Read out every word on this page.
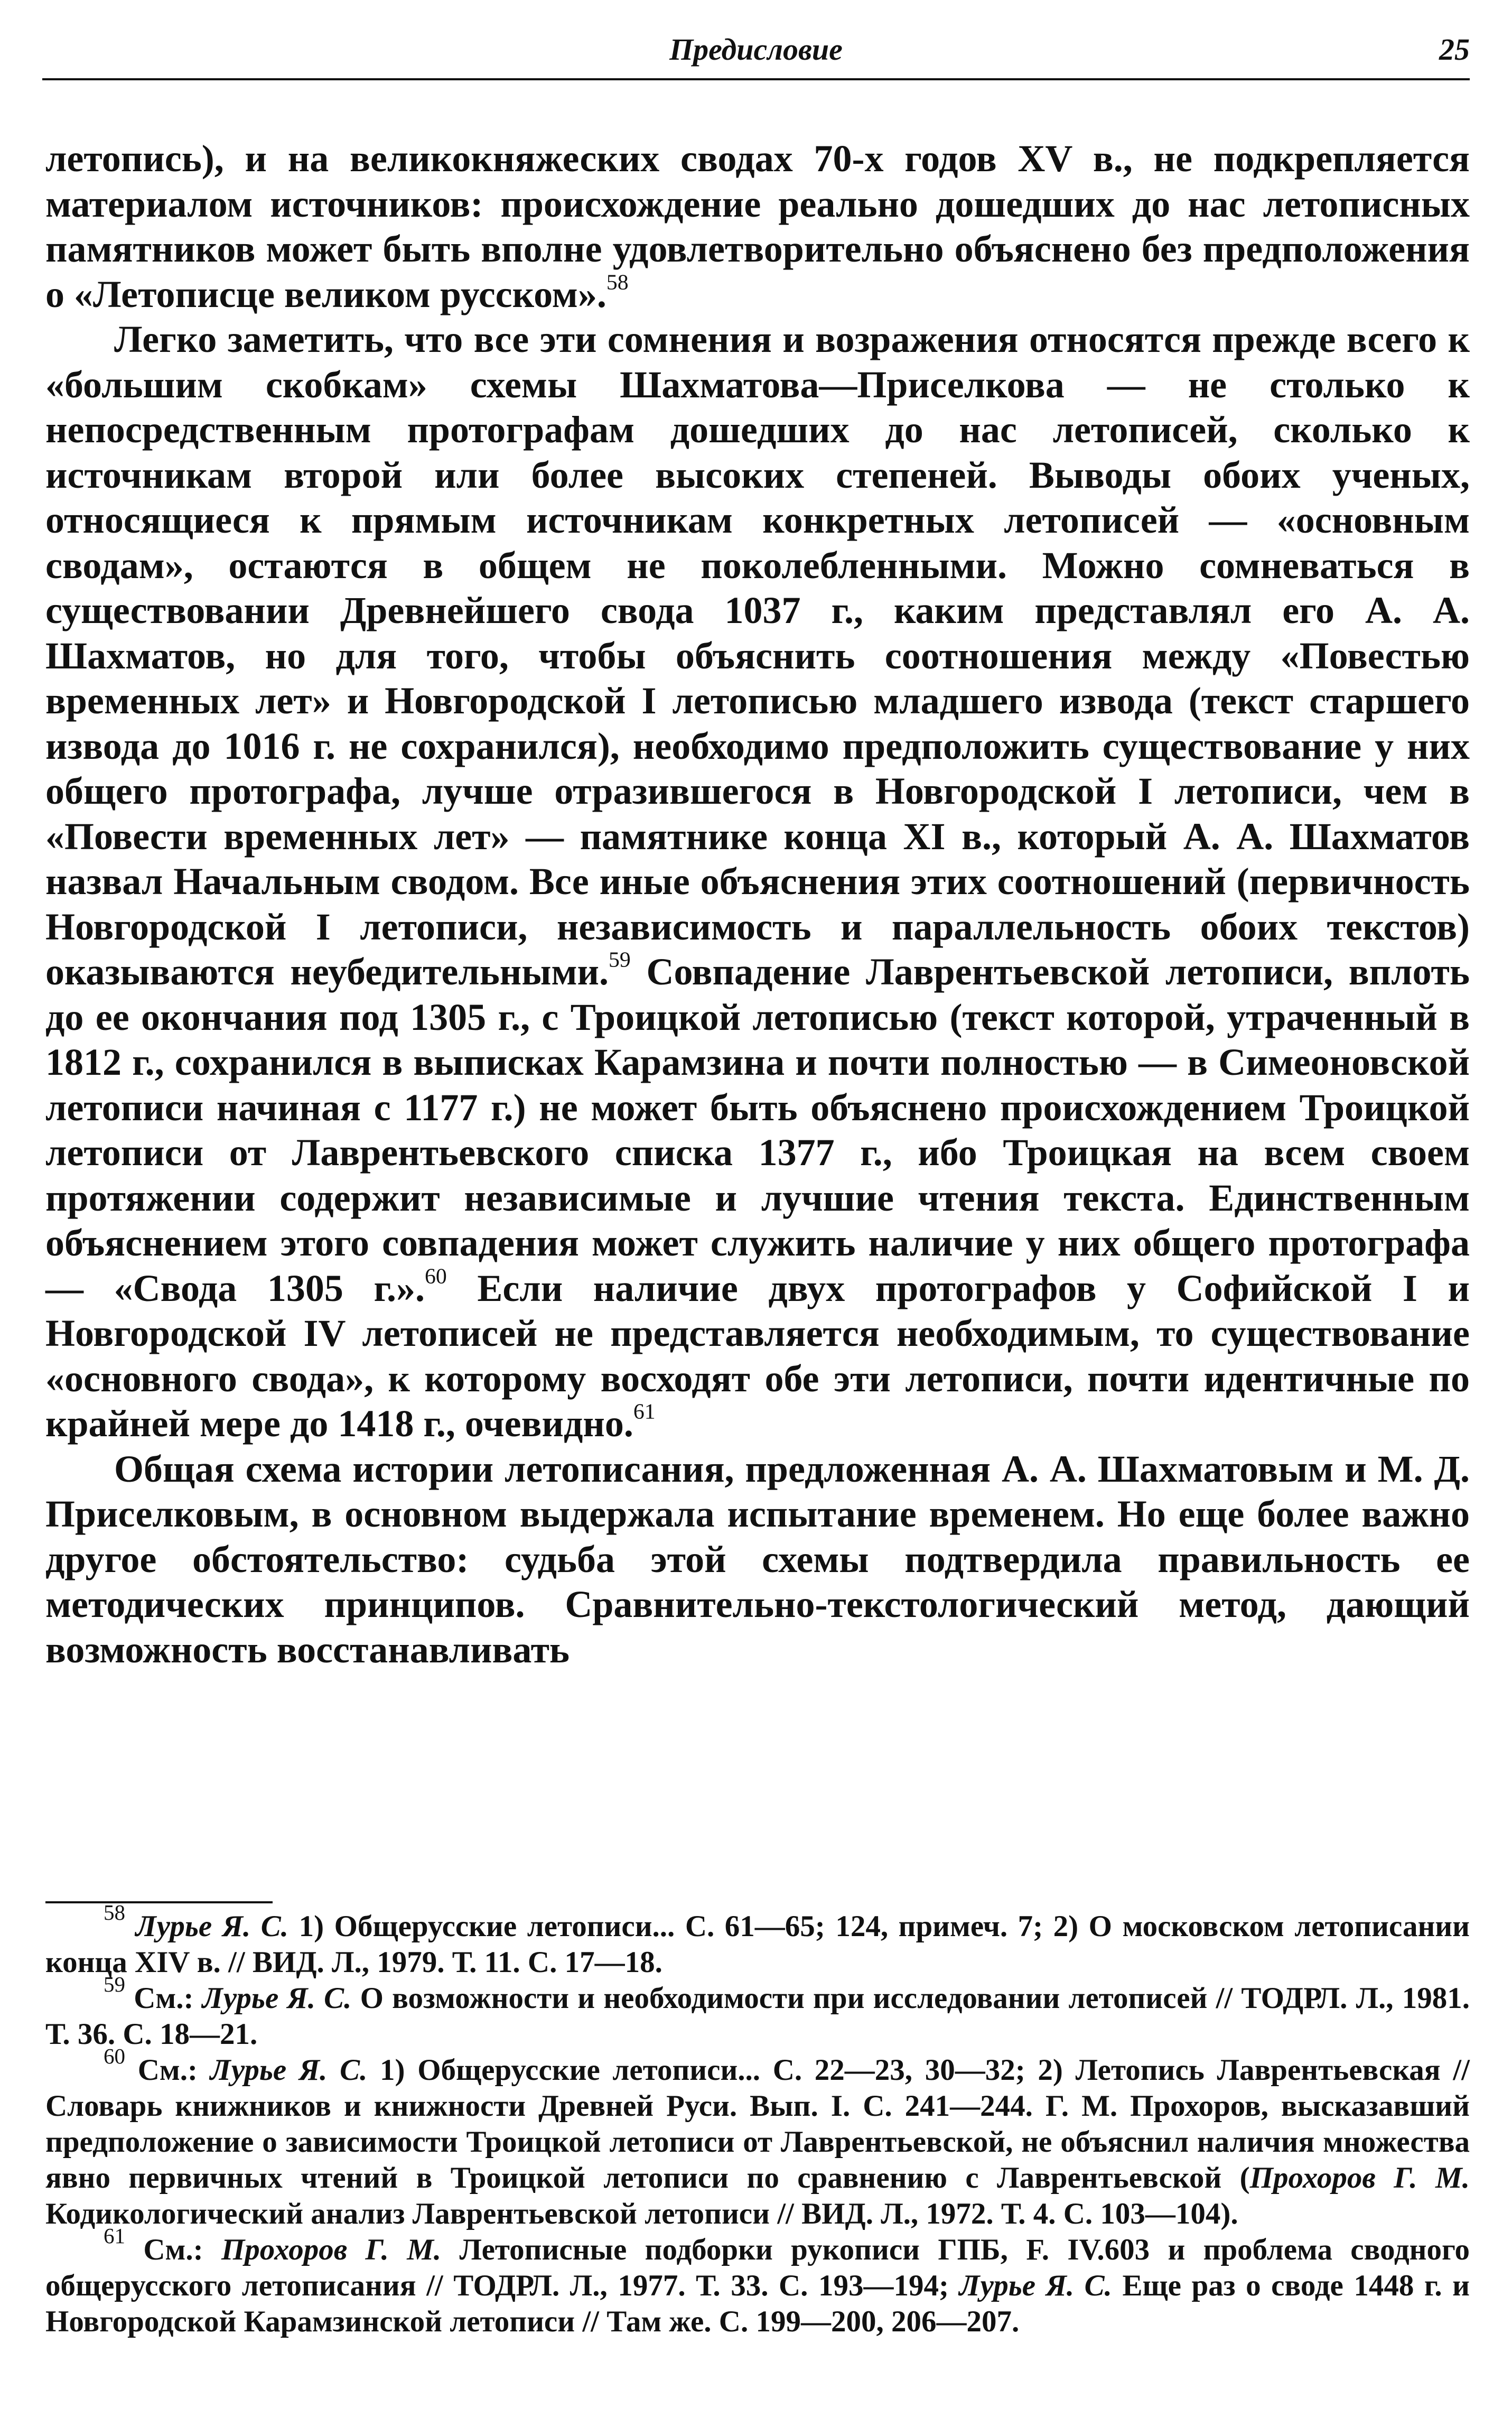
Предисловие	25

летопись), и на великокняжеских сводах 70-х годов XV в., не подкрепляется материалом источников: происхождение реально дошедших до нас летописных памятников может быть вполне удовлетворительно объяснено без предположения о «Летописце великом русском».$^{58}$

Легко заметить, что все эти сомнения и возражения относятся прежде всего к «большим скобкам» схемы Шахматова—Приселкова — не столько к непосредственным протографам дошедших до нас летописей, сколько к источникам второй или более высоких степеней. Выводы обоих ученых, относящиеся к прямым источникам конкретных летописей — «основным сводам», остаются в общем не поколебленными. Можно сомневаться в существовании Древнейшего свода 1037 г., каким представлял его А. А. Шахматов, но для того, чтобы объяснить соотношения между «Повестью временных лет» и Новгородской I летописью младшего извода (текст старшего извода до 1016 г. не сохранился), необходимо предположить существование у них общего протографа, лучше отразившегося в Новгородской I летописи, чем в «Повести временных лет» — памятнике конца XI в., который А. А. Шахматов назвал Начальным сводом. Все иные объяснения этих соотношений (первичность Новгородской I летописи, независимость и параллельность обоих текстов) оказываются неубедительными.$^{59}$ Совпадение Лаврентьевской летописи, вплоть до ее окончания под 1305 г., с Троицкой летописью (текст которой, утраченный в 1812 г., сохранился в выписках Карамзина и почти полностью — в Симеоновской летописи начиная с 1177 г.) не может быть объяснено происхождением Троицкой летописи от Лаврентьевского списка 1377 г., ибо Троицкая на всем своем протяжении содержит независимые и лучшие чтения текста. Единственным объяснением этого совпадения может служить наличие у них общего протографа — «Свода 1305 г.».$^{60}$ Если наличие двух протографов у Софийской I и Новгородской IV летописей не представляется необходимым, то существование «основного свода», к которому восходят обе эти летописи, почти идентичные по крайней мере до 1418 г., очевидно.$^{61}$

Общая схема истории летописания, предложенная А. А. Шахматовым и М. Д. Приселковым, в основном выдержала испытание временем. Но еще более важно другое обстоятельство: судьба этой схемы подтвердила правильность ее методических принципов. Сравнительно-текстологический метод, дающий возможность восстанавливать

$^{58}$ Лурье Я. С. 1) Общерусские летописи... С. 61—65; 124, примеч. 7; 2) О московском летописании конца XIV в. // ВИД. Л., 1979. Т. 11. С. 17—18.

$^{59}$ См.: Лурье Я. С. О возможности и необходимости при исследовании летописей // ТОДРЛ. Л., 1981. Т. 36. С. 18—21.

$^{60}$ См.: Лурье Я. С. 1) Общерусские летописи... С. 22—23, 30—32; 2) Летопись Лаврентьевская // Словарь книжников и книжности Древней Руси. Вып. I. С. 241—244. Г. М. Прохоров, высказавший предположение о зависимости Троицкой летописи от Лаврентьевской, не объяснил наличия множества явно первичных чтений в Троицкой летописи по сравнению с Лаврентьевской (Прохоров Г. М. Кодикологический анализ Лаврентьевской летописи // ВИД. Л., 1972. Т. 4. С. 103—104).

$^{61}$ См.: Прохоров Г. М. Летописные подборки рукописи ГПБ, F. IV.603 и проблема сводного общерусского летописания // ТОДРЛ. Л., 1977. Т. 33. С. 193—194; Лурье Я. С. Еще раз о своде 1448 г. и Новгородской Карамзинской летописи // Там же. С. 199—200, 206—207.
